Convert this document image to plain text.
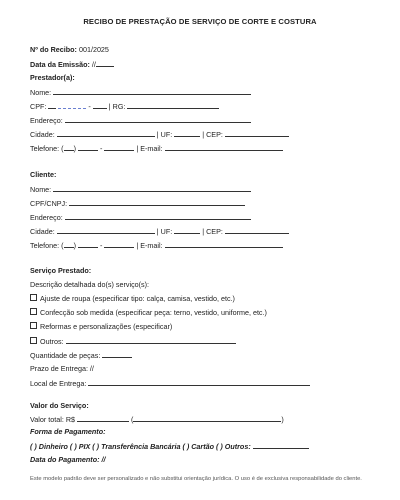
RECIBO DE PRESTAÇÃO DE SERVIÇO DE CORTE E COSTURA
Nº do Recibo: 001/2025
Data da Emissão: //
Prestador(a):
Nome:
CPF:	-  | RG:
Endereço:
Cidade:	| UF:	| CEP:
Telefone: ( )	-	| E-mail:
Cliente:
Nome:
CPF/CNPJ:
Endereço:
Cidade:	| UF:	| CEP:
Telefone: ( )	-	| E-mail:
Serviço Prestado:
Descrição detalhada do(s) serviço(s):
Ajuste de roupa (especificar tipo: calça, camisa, vestido, etc.)
Confecção sob medida (especificar peça: terno, vestido, uniforme, etc.)
Reformas e personalizações (especificar)
Outros:
Quantidade de peças:
Prazo de Entrega: //
Local de Entrega:
Valor do Serviço:
Valor total: R$	(	)
Forma de Pagamento:
( ) Dinheiro ( ) PIX ( ) Transferência Bancária ( ) Cartão ( ) Outros:
Data do Pagamento: //
Este modelo padrão deve ser personalizado e não substitui orientação jurídica. O uso é de exclusiva responsabilidade do cliente.
